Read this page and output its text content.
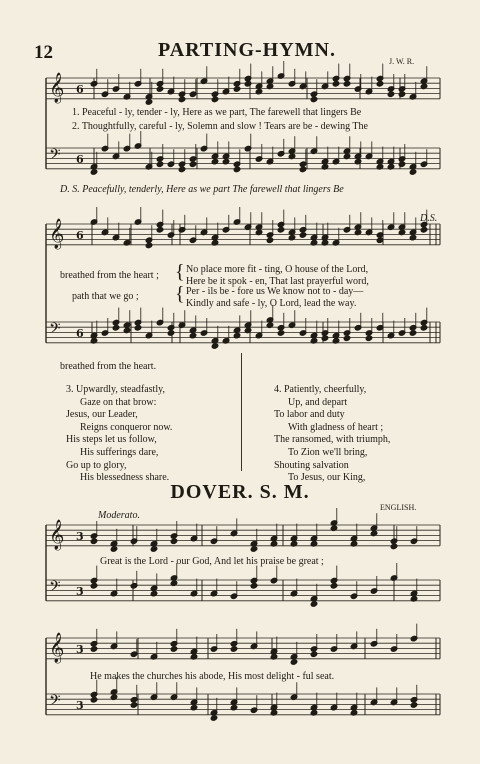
𝄞 6
𝄢 6
𝄞 6
𝄢 6
𝄞 3
𝄢 3
𝄞 3
𝄢 3
12	PARTING-HYMN.
J. W. R.
1. Peaceful - ly, tender - ly, Here as we part, The farewell that lingers Be
2. Thoughtfully, careful - ly, Solemn and slow ! Tears are be - dewing The
D. S. Peacefully, tenderly, Here as we part The farewell that lingers Be
D.S.
breathed from the heart ;
path that we go ;
{
{
No place more fit - ting, O house of the Lord,
Here be it spok - en, That last prayerful word,
Per - ils be - fore us We know not to - day—
Kindly and safe - ly, O Lord, lead the way.
breathed from the heart.
3. Upwardly, steadfastly,
Gaze on that brow:
Jesus, our Leader,
Reigns conqueror now.
His steps let us follow,
His sufferings dare,
Go up to glory,
His blessedness share.
4. Patiently, cheerfully,
Up, and depart
To labor and duty
With gladness of heart ;
The ransomed, with triumph,
To Zion we'll bring,
Shouting salvation
To Jesus, our King,
DOVER. S. M.
ENGLISH.
Moderato.
Great is the Lord - our God, And let his praise be great ;
He makes the churches his abode, His most delight - ful seat.
